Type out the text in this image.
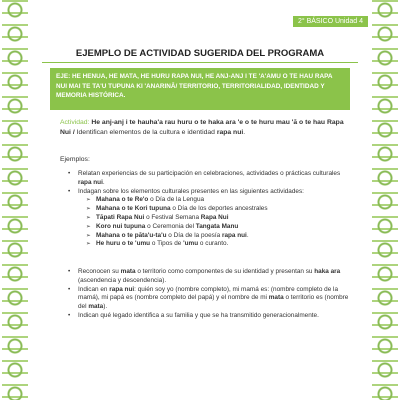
2° BÁSICO Unidad 4
EJEMPLO DE ACTIVIDAD SUGERIDA DEL PROGRAMA
EJE: HE HENUA, HE MATA, HE HURU RAPA NUI, HE ANJ-ANJ I TE 'A'AMU O TE HAU RAPA NUI MAI TE TA'U TUPUNA KI 'ANARINĀ/ TERRITORIO, TERRITORIALIDAD, IDENTIDAD Y MEMORIA HISTÓRICA.
Actividad: He anj-anj i te hauha'a rau huru o te haka ara 'e o te huru mau 'ā o te hau Rapa Nui / Identifican elementos de la cultura e identidad rapa nui.
Ejemplos:
• Relatan experiencias de su participación en celebraciones, actividades o prácticas culturales rapa nui.
• Indagan sobre los elementos culturales presentes en las siguientes actividades:
➢ Mahana o te Re'o o Día de la Lengua
➢ Mahana o te Kori tupuna o Día de los deportes ancestrales
➢ Tāpati Rapa Nui o Festival Semana Rapa Nui
➢ Koro nui tupuna o Ceremonia del Tangata Manu
➢ Mahana o te pāta'u-ta'u o Día de la poesía rapa nui.
➢ He huru o te 'umu o Tipos de 'umu o curanto.
• Reconocen su mata o territorio como componentes de su identidad y presentan su haka ara (ascendencia y descendencia).
• Indican en rapa nui: quién soy yo (nombre completo), mi mamá es: (nombre completo de la mamá), mi papá es (nombre completo del papá) y el nombre de mi mata o territorio es (nombre del mata).
• Indican qué legado identifica a su familia y que se ha transmitido generacionalmente.
